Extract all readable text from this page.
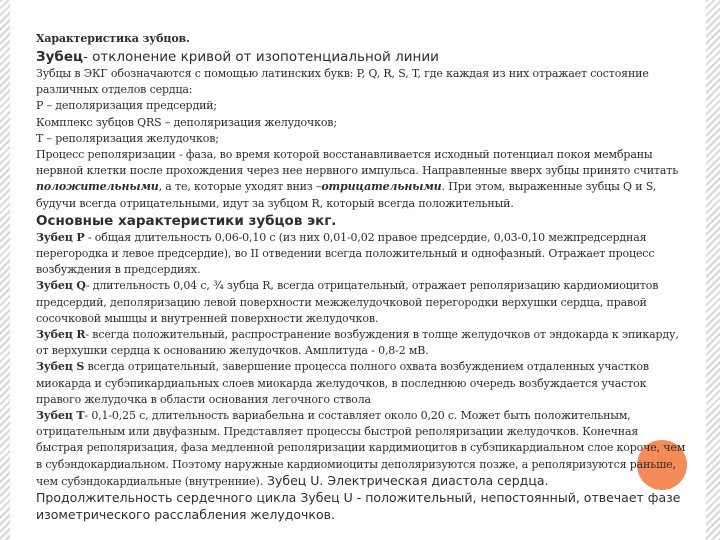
Характеристика зубцов.

Зубец- отклонение кривой от изопотенциальной линии

Зубцы в ЭКГ обозначаются с помощью латинских букв: P, Q, R, S, T, где каждая из них отражает состояние различных отделов сердца:

Р – деполяризация предсердий;

Комплекс зубцов QRS – деполяризация желудочков;

Т – реполяризация желудочков;

Процесс реполяризации - фаза, во время которой восстанавливается исходный потенциал покоя мембраны нервной клетки после прохождения через нее нервного импульса. Направленные вверх зубцы принято считать положительными, а те, которые уходят вниз –отрицательными. При этом, выраженные зубцы Q и S, будучи всегда отрицательными, идут за зубцом R, который всегда положительный.

Основные характеристики зубцов экг.

Зубец P - общая длительность 0,06-0,10 с (из них 0,01-0,02 правое предсердие, 0,03-0,10 межпредсердная перегородка и левое предсердие), во II отведении всегда положительный и однофазный. Отражает процесс возбуждения в предсердиях.

Зубец Q- длительность 0,04 с, ¾ зубца R, всегда отрицательный, отражает реполяризацию кардиомиоцитов предсердий, деполяризацию левой поверхности межжелудочковой перегородки верхушки сердца, правой сосочковой мышцы и внутренней поверхности желудочков.

Зубец R- всегда положительный, распространение возбуждения в толще желудочков от эндокарда к эпикарду, от верхушки сердца к основанию желудочков. Амплитуда - 0,8-2 мВ.

Зубец S всегда отрицательный, завершение процесса полного охвата возбуждением отдаленных участков миокарда и субэпикардиальных слоев миокарда желудочков, в последнюю очередь возбуждается участок правого желудочка в области основания легочного ствола

Зубец T- 0,1-0,25 с, длительность вариабельна и составляет около 0,20 с. Может быть положительным, отрицательным или двуфазным. Представляет процессы быстрой реполяризации желудочков. Конечная быстрая реполяризация, фаза медленной реполяризации кардимиоцитов в субэпикардиальном слое короче, чем в субэндокардиальном. Поэтому наружные кардиомиоциты деполяризуются позже, а реполяризуются раньше, чем субэндокардиальные (внутренние). Зубец U. Электрическая диастола сердца. Продолжительность сердечного цикла Зубец U - положительный, непостоянный, отвечает фазе изометрического расслабления желудочков.
